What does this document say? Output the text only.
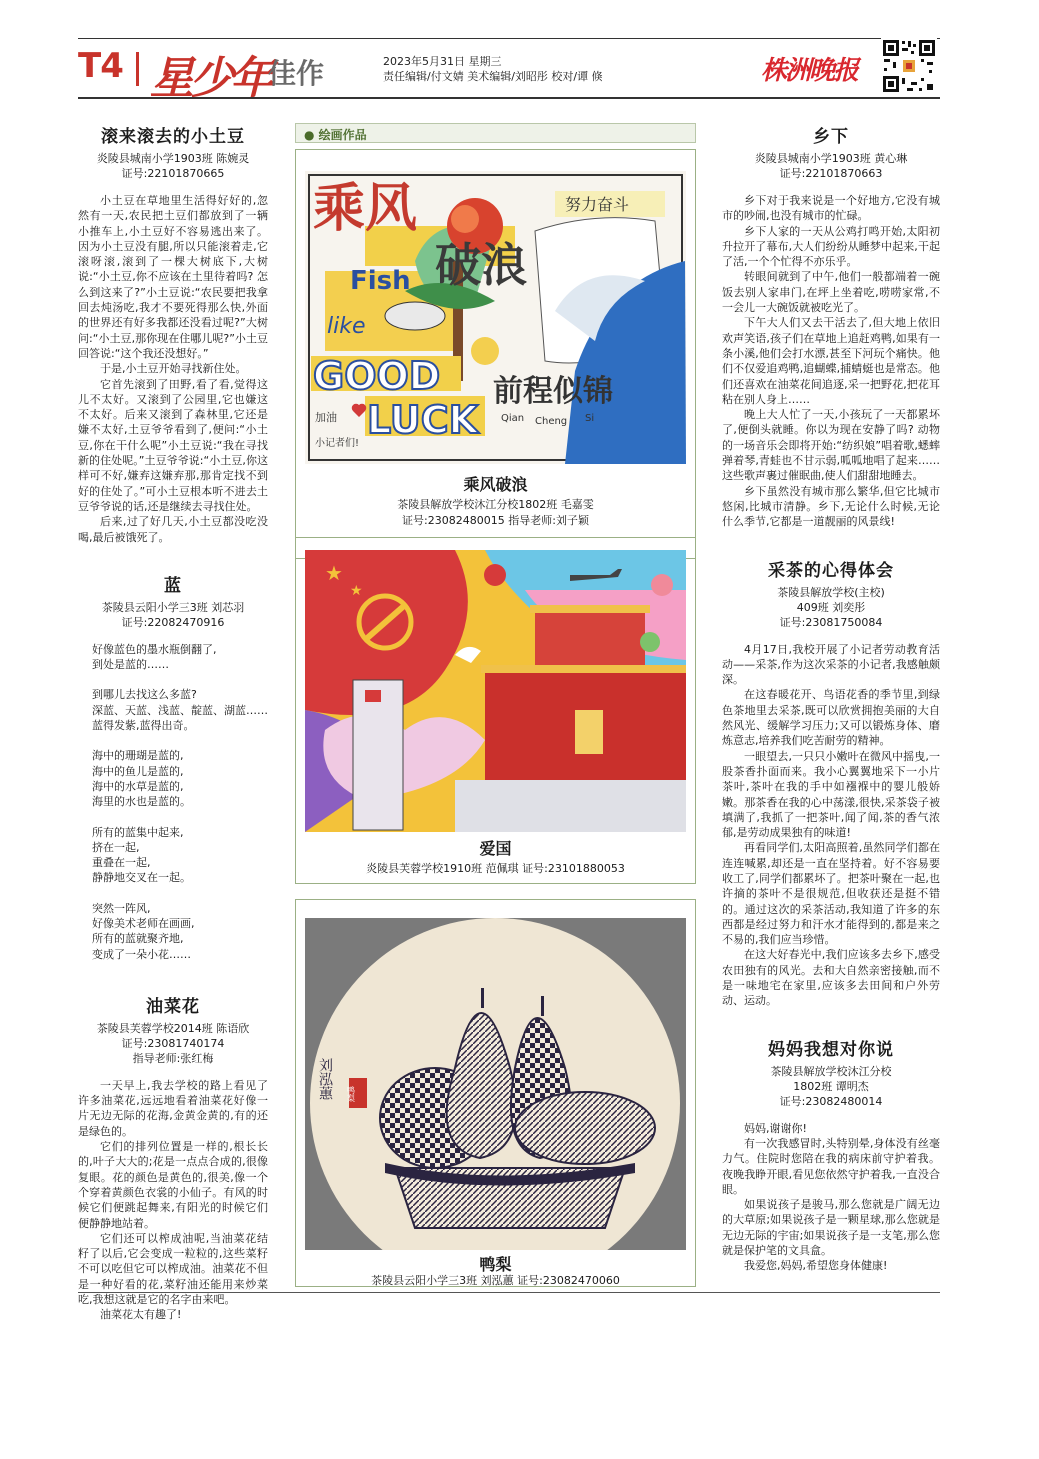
T4 星少年
佳作	2023年5月31日 星期三
责任编辑/付文婧 美术编辑/刘昭彤 校对/谭 倏	株洲晚报
滚来滚去的小土豆
炎陵县城南小学1903班 陈婉灵
证号:22101870665

小土豆在草地里生活得好好的,忽然有一天,农民把土豆们都放到了一辆小推车上,小土豆好不容易逃出来了。因为小土豆没有腿,所以只能滚着走,它滚呀滚,滚到了一棵大树底下,大树说:“小土豆,你不应该在土里待着吗? 怎么到这来了?”小土豆说:“农民要把我拿回去炖汤吃,我才不要死得那么快,外面的世界还有好多我都还没看过呢?”大树问:“小土豆,那你现在住哪儿呢?”小土豆回答说:“这个我还没想好。”

于是,小土豆开始寻找新住处。

它首先滚到了田野,看了看,觉得这儿不太好。又滚到了公园里,它也嫌这不太好。后来又滚到了森林里,它还是嫌不太好,土豆爷爷看到了,便问:“小土豆,你在干什么呢”小土豆说:“我在寻找新的住处呢。”土豆爷爷说:“小土豆,你这样可不好,嫌弃这嫌弃那,那肯定找不到好的住处了。”可小土豆根本听不进去土豆爷爷说的话,还是继续去寻找住处。

后来,过了好几天,小土豆都没吃没喝,最后被饿死了。

蓝
茶陵县云阳小学三3班 刘芯羽
证号:22082470916

好像蓝色的墨水瓶倒翻了,

到处是蓝的……

到哪儿去找这么多蓝?

深蓝、天蓝、浅蓝、靛蓝、湖蓝……

蓝得发紫,蓝得出奇。

海中的珊瑚是蓝的,

海中的鱼儿是蓝的,

海中的水草是蓝的,

海里的水也是蓝的。

所有的蓝集中起来,

挤在一起,

重叠在一起,

静静地交叉在一起。

突然一阵风,

好像美术老师在画画,

所有的蓝就聚齐地,

变成了一朵小花……

油菜花
茶陵县芙蓉学校2014班 陈语欣
证号:23081740174
指导老师:张红梅

一天早上,我去学校的路上看见了许多油菜花,远远地看着油菜花好像一片无边无际的花海,金黄金黄的,有的还是绿色的。

它们的排列位置是一样的,根长长的,叶子大大的;花是一点点合成的,很像复眼。花的颜色是黄色的,很美,像一个个穿着黄颜色衣裳的小仙子。有风的时候它们便跳起舞来,有阳光的时候它们便静静地站着。

它们还可以榨成油呢,当油菜花结籽了以后,它会变成一粒粒的,这些菜籽不可以吃但它可以榨成油。油菜花不但是一种好看的花,菜籽油还能用来炒菜吃,我想这就是它的名字由来吧。

油菜花太有趣了!

● 绘画作品
乘风
破浪
Fish
like
GOOD
LUCK
前程似锦
努力奋斗
Qian Cheng Si
加油
小记者们!
乘风破浪
茶陵县解放学校沐江分校1802班 毛嘉雯
证号:23082480015 指导老师:刘子颖
★
★
爱国
炎陵县芙蓉学校1910班 范佩琪 证号:23101880053
刘泓蕙 鸭梨
鸭梨
茶陵县云阳小学三3班 刘泓蕙 证号:23082470060
乡下
炎陵县城南小学1903班 黄心琳
证号:22101870663

乡下对于我来说是一个好地方,它没有城市的吵闹,也没有城市的忙碌。

乡下人家的一天从公鸡打鸣开始,太阳初升拉开了幕布,大人们纷纷从睡梦中起来,干起了活,一个个忙得不亦乐乎。

转眼间就到了中午,他们一般都端着一碗饭去别人家串门,在坪上坐着吃,唠唠家常,不一会儿一大碗饭就被吃光了。

下午大人们又去干活去了,但大地上依旧欢声笑语,孩子们在草地上追赶鸡鸭,如果有一条小溪,他们会打水漂,甚至下河玩个痛快。他们不仅爱追鸡鸭,追蝴蝶,捕蜻蜓也是常态。他们还喜欢在油菜花间追逐,采一把野花,把花耳粘在别人身上……

晚上大人忙了一天,小孩玩了一天都累坏了,便倒头就睡。你以为现在安静了吗? 动物的一场音乐会即将开始:“纺织娘”唱着歌,蟋蟀弹着琴,青蛙也不甘示弱,呱呱地唱了起来……这些歌声裹过催眠曲,使人们甜甜地睡去。

乡下虽然没有城市那么繁华,但它比城市悠闲,比城市清静。乡下,无论什么时候,无论什么季节,它都是一道靓丽的风景线!

采茶的心得体会
茶陵县解放学校(主校)
409班 刘奕彤
证号:23081750084

4月17日,我校开展了小记者劳动教育活动——采茶,作为这次采茶的小记者,我感触颇深。

在这春暖花开、鸟语花香的季节里,到绿色茶地里去采茶,既可以欣赏拥抱美丽的大自然风光、缓解学习压力;又可以锻炼身体、磨炼意志,培养我们吃苦耐劳的精神。

一眼望去,一只只小嫩叶在微风中摇曳,一股茶香扑面而来。我小心翼翼地采下一小片茶叶,茶叶在我的手中如襁褓中的婴儿般娇嫩。那茶香在我的心中荡漾,很快,采茶袋子被填满了,我抓了一把茶叶,闻了闻,茶的香气浓郁,是劳动成果独有的味道!

再看同学们,太阳高照着,虽然同学们都在连连喊累,却还是一直在坚持着。好不容易要收工了,同学们都累坏了。把茶叶聚在一起,也许摘的茶叶不是很规范,但收获还是挺不错的。通过这次的采茶活动,我知道了许多的东西都是经过努力和汗水才能得到的,都是来之不易的,我们应当珍惜。

在这大好春光中,我们应该多去乡下,感受农田独有的风光。去和大自然亲密接触,而不是一味地宅在家里,应该多去田间和户外劳动、运动。

妈妈我想对你说
茶陵县解放学校沐江分校
1802班 谭明杰
证号:23082480014

妈妈,谢谢你!

有一次我感冒时,头特别晕,身体没有丝毫力气。住院时您陪在我的病床前守护着我。夜晚我睁开眼,看见您依然守护着我,一直没合眼。

如果说孩子是骏马,那么您就是广阔无边的大草原;如果说孩子是一颗星球,那么您就是无边无际的宇宙;如果说孩子是一支笔,那么您就是保护笔的文具盒。

我爱您,妈妈,希望您身体健康!
